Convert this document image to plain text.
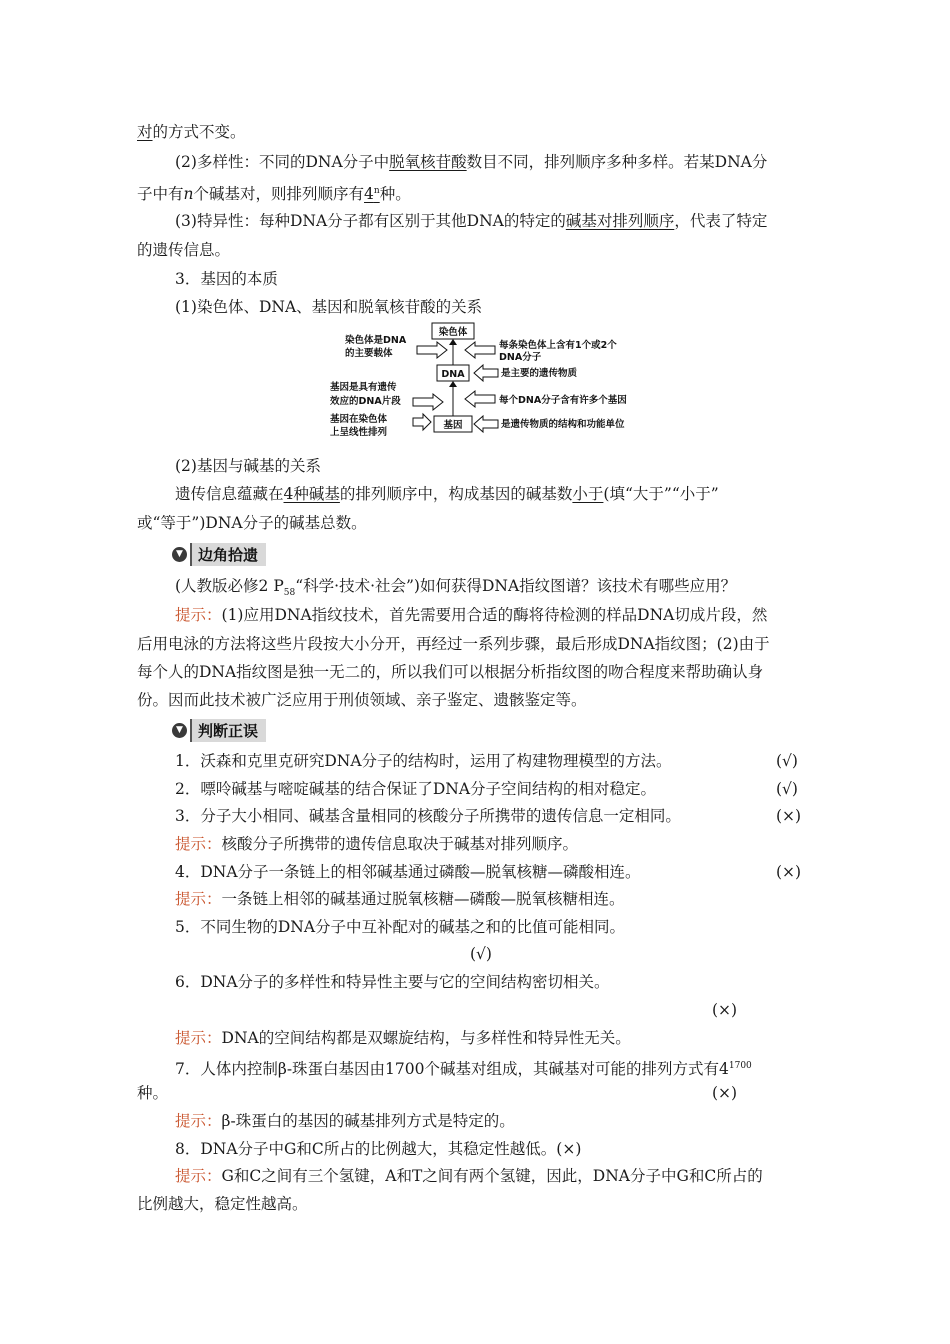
对的方式不变。
(2)多样性：不同的DNA分子中脱氧核苷酸数目不同，排列顺序多种多样。若某DNA分
子中有n个碱基对，则排列顺序有4$^n$种。
(3)特异性：每种DNA分子都有区别于其他DNA的特定的碱基对排列顺序，代表了特定
的遗传信息。
3．基因的本质
(1)染色体、DNA、基因和脱氧核苷酸的关系
染色体
DNA
基因
染色体是DNA
的主要载体
基因是具有遗传
效应的DNA片段
基因在染色体
上呈线性排列
每条染色体上含有1个或2个
DNA分子
是主要的遗传物质
每个DNA分子含有许多个基因
是遗传物质的结构和功能单位
(2)基因与碱基的关系
遗传信息蕴藏在4种碱基的排列顺序中，构成基因的碱基数小于(填“大于”“小于”
或“等于”)DNA分子的碱基总数。
▼	边角拾遗
(人教版必修2 $P_{58}“$科学·技术·社会”)如何获得DNA指纹图谱？该技术有哪些应用？
提示：(1)应用DNA指纹技术，首先需要用合适的酶将待检测的样品DNA切成片段，然
后用电泳的方法将这些片段按大小分开，再经过一系列步骤，最后形成DNA指纹图；(2)由于
每个人的DNA指纹图是独一无二的，所以我们可以根据分析指纹图的吻合程度来帮助确认身
份。因而此技术被广泛应用于刑侦领域、亲子鉴定、遗骸鉴定等。
▼	判断正误
1．沃森和克里克研究DNA分子的结构时，运用了构建物理模型的方法。	(√)
2．嘌呤碱基与嘧啶碱基的结合保证了DNA分子空间结构的相对稳定。	(√)
3．分子大小相同、碱基含量相同的核酸分子所携带的遗传信息一定相同。	(×)
提示：核酸分子所携带的遗传信息取决于碱基对排列顺序。
4．DNA分子一条链上的相邻碱基通过磷酸—脱氧核糖—磷酸相连。	(×)
提示：一条链上相邻的碱基通过脱氧核糖—磷酸—脱氧核糖相连。
5．不同生物的DNA分子中互补配对的碱基之和的比值可能相同。
(√)
6．DNA分子的多样性和特异性主要与它的空间结构密切相关。
(×)
提示：DNA的空间结构都是双螺旋结构，与多样性和特异性无关。
7．人体内控制β-珠蛋白基因由1700个碱基对组成，其碱基对可能的排列方式有$4^{1700}$
种。	(×)
提示：β-珠蛋白的基因的碱基排列方式是特定的。
8．DNA分子中G和C所占的比例越大，其稳定性越低。(×)
提示：G和C之间有三个氢键，A和T之间有两个氢键，因此，DNA分子中G和C所占的
比例越大，稳定性越高。
